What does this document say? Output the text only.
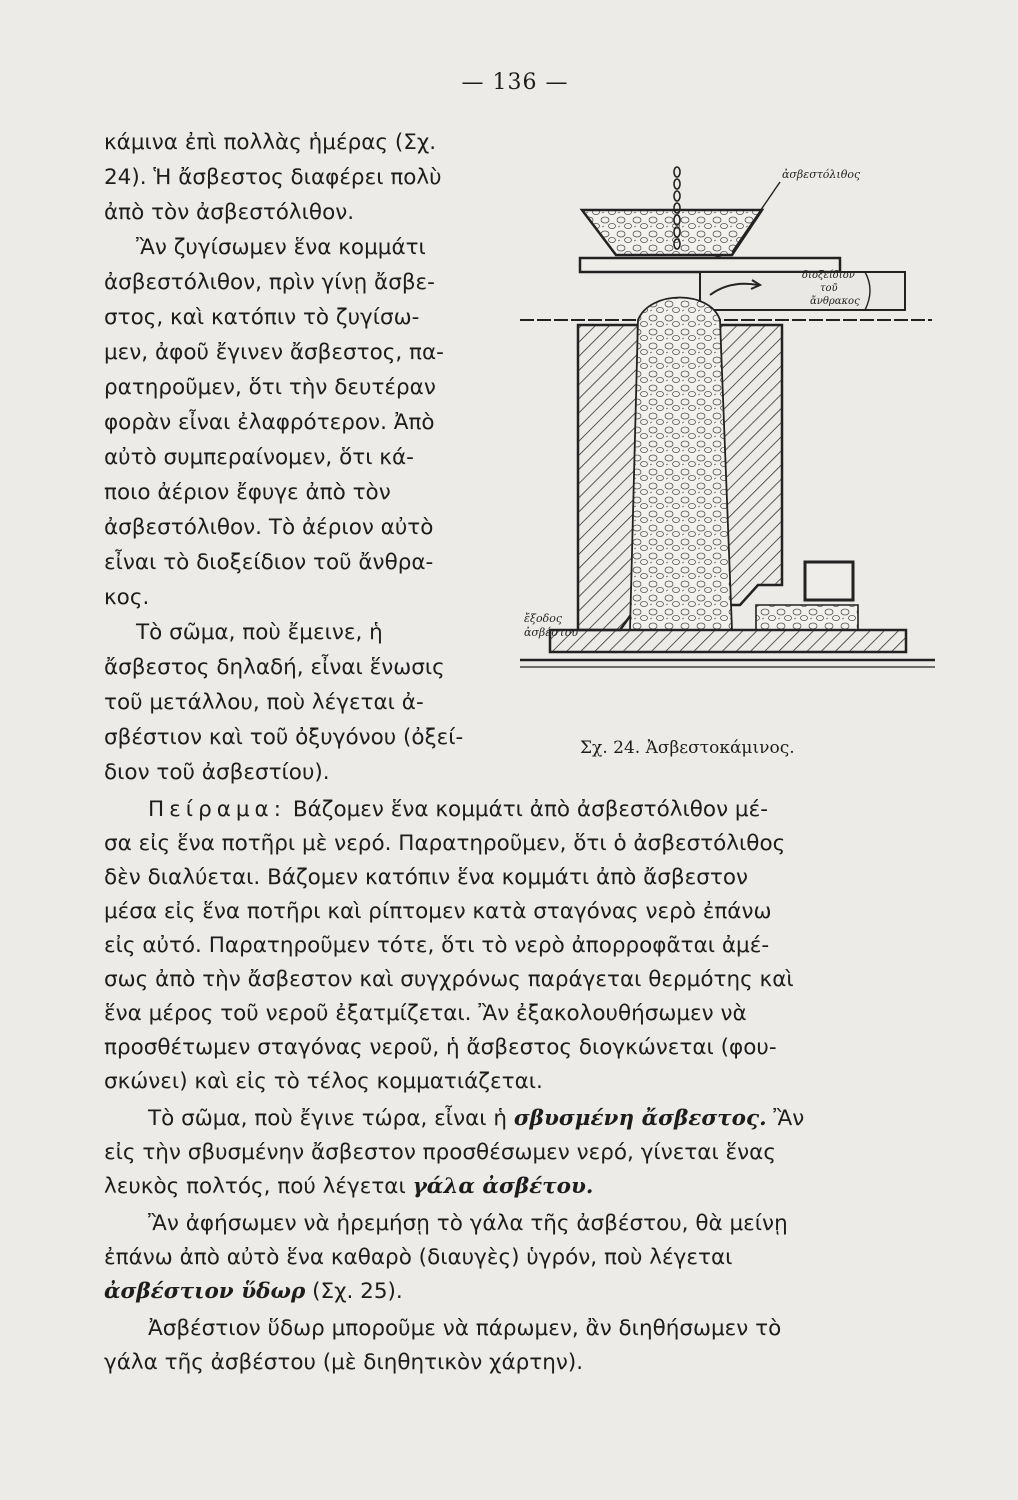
— 136 —
κάμινα ἐπὶ πολλὰς ἡμέρας (Σχ.
24). Ἡ ἄσβεστος διαφέρει πολὺ
ἀπὸ τὸν ἀσβεστόλιθον.
Ἂν ζυγίσωμεν ἕνα κομμάτι
ἀσβεστόλιθον, πρὶν γίνῃ ἄσβε-
στος, καὶ κατόπιν τὸ ζυγίσω-
μεν, ἀφοῦ ἔγινεν ἄσβεστος, πα-
ρατηροῦμεν, ὅτι τὴν δευτέραν
φορὰν εἶναι ἐλαφρότερον. Ἀπὸ
αὐτὸ συμπεραίνομεν, ὅτι κά-
ποιο ἀέριον ἔφυγε ἀπὸ τὸν
ἀσβεστόλιθον. Τὸ ἀέριον αὐτὸ
εἶναι τὸ διοξείδιον τοῦ ἄνθρα-
κος.
Τὸ σῶμα, ποὺ ἔμεινε, ἡ
ἄσβεστος δηλαδή, εἶναι ἕνωσις
τοῦ μετάλλου, ποὺ λέγεται ἀ-
σβέστιον καὶ τοῦ ὀξυγόνου (ὀξεί-
διον τοῦ ἀσβεστίου).
ἀσβεστόλιθος
διοξείδιον
τοῦ
ἄνθρακος
ἔξοδος
ἀσβέστου
Σχ. 24. Ἀσβεστοκάμινος.
Πείραμα: Βάζομεν ἕνα κομμάτι ἀπὸ ἀσβεστόλιθον μέ-
σα εἰς ἕνα ποτῆρι μὲ νερό. Παρατηροῦμεν, ὅτι ὁ ἀσβεστόλιθος
δὲν διαλύεται. Βάζομεν κατόπιν ἕνα κομμάτι ἀπὸ ἄσβεστον
μέσα εἰς ἕνα ποτῆρι καὶ ρίπτομεν κατὰ σταγόνας νερὸ ἐπάνω
εἰς αὐτό. Παρατηροῦμεν τότε, ὅτι τὸ νερὸ ἀπορροφᾶται ἀμέ-
σως ἀπὸ τὴν ἄσβεστον καὶ συγχρόνως παράγεται θερμότης καὶ
ἕνα μέρος τοῦ νεροῦ ἐξατμίζεται. Ἂν ἐξακολουθήσωμεν νὰ
προσθέτωμεν σταγόνας νεροῦ, ἡ ἄσβεστος διογκώνεται (φου-
σκώνει) καὶ εἰς τὸ τέλος κομματιάζεται.
Τὸ σῶμα, ποὺ ἔγινε τώρα, εἶναι ἡ σβυσμένη ἄσβεστος. Ἂν
εἰς τὴν σβυσμένην ἄσβεστον προσθέσωμεν νερό, γίνεται ἕνας
λευκὸς πολτός, πού λέγεται γάλα ἀσβέτου.
Ἂν ἀφήσωμεν νὰ ἠρεμήσῃ τὸ γάλα τῆς ἀσβέστου, θὰ μείνῃ
ἐπάνω ἀπὸ αὐτὸ ἕνα καθαρὸ (διαυγὲς) ὑγρόν, ποὺ λέγεται
ἀσβέστιον ὕδωρ (Σχ. 25).
Ἀσβέστιον ὕδωρ μποροῦμε νὰ πάρωμεν, ἂν διηθήσωμεν τὸ
γάλα τῆς ἀσβέστου (μὲ διηθητικὸν χάρτην).
